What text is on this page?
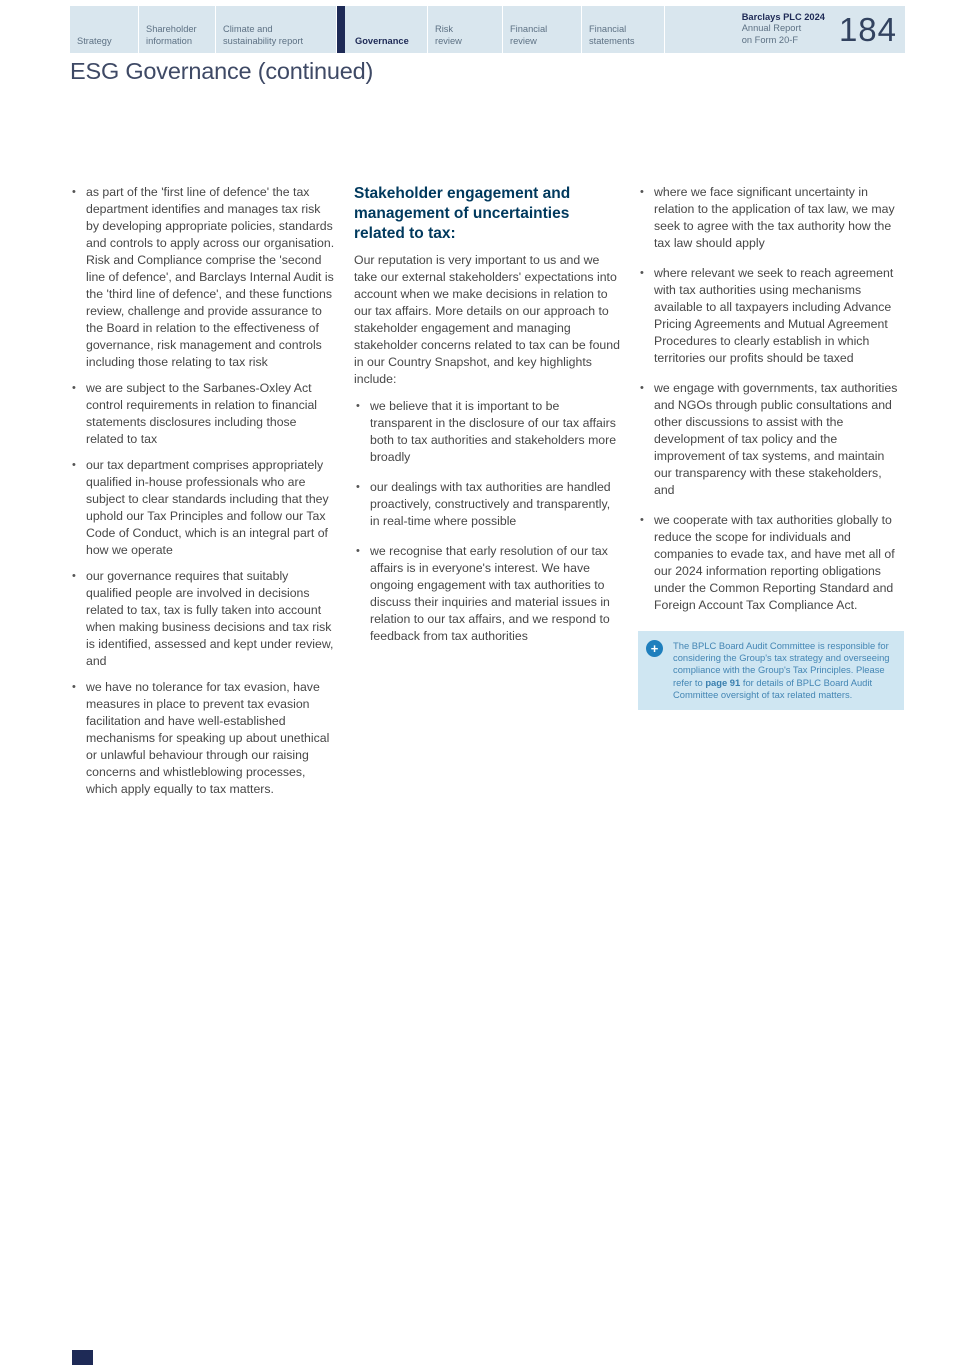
Strategy
Shareholder information
Climate and sustainability report	Governance
Risk review
Financial review
Financial statements
Barclays PLC 2024
Annual Report
on Form 20-F	184
ESG Governance (continued)
• as part of the 'first line of defence' the tax department identifies and manages tax risk by developing appropriate policies, standards and controls to apply across our organisation. Risk and Compliance comprise the 'second line of defence', and Barclays Internal Audit is the 'third line of defence', and these functions review, challenge and provide assurance to the Board in relation to the effectiveness of governance, risk management and controls including those relating to tax risk
• we are subject to the Sarbanes-Oxley Act control requirements in relation to financial statements disclosures including those related to tax
• our tax department comprises appropriately qualified in-house professionals who are subject to clear standards including that they uphold our Tax Principles and follow our Tax Code of Conduct, which is an integral part of how we operate
• our governance requires that suitably qualified people are involved in decisions related to tax, tax is fully taken into account when making business decisions and tax risk is identified, assessed and kept under review, and
• we have no tolerance for tax evasion, have measures in place to prevent tax evasion facilitation and have well-established mechanisms for speaking up about unethical or unlawful behaviour through our raising concerns and whistleblowing processes, which apply equally to tax matters.
Stakeholder engagement and management of uncertainties related to tax:

Our reputation is very important to us and we take our external stakeholders' expectations into account when we make decisions in relation to our tax affairs. More details on our approach to stakeholder engagement and managing stakeholder concerns related to tax can be found in our Country Snapshot, and key highlights include:

• we believe that it is important to be transparent in the disclosure of our tax affairs both to tax authorities and stakeholders more broadly
• our dealings with tax authorities are handled proactively, constructively and transparently, in real-time where possible
• we recognise that early resolution of our tax affairs is in everyone's interest. We have ongoing engagement with tax authorities to discuss their inquiries and material issues in relation to our tax affairs, and we respond to feedback from tax authorities
• where we face significant uncertainty in relation to the application of tax law, we may seek to agree with the tax authority how the tax law should apply
• where relevant we seek to reach agreement with tax authorities using mechanisms available to all taxpayers including Advance Pricing Agreements and Mutual Agreement Procedures to clearly establish in which territories our profits should be taxed
• we engage with governments, tax authorities and NGOs through public consultations and other discussions to assist with the development of tax policy and the improvement of tax systems, and maintain our transparency with these stakeholders, and
• we cooperate with tax authorities globally to reduce the scope for individuals and companies to evade tax, and have met all of our 2024 information reporting obligations under the Common Reporting Standard and Foreign Account Tax Compliance Act.
+	The BPLC Board Audit Committee is responsible for considering the Group's tax strategy and overseeing compliance with the Group's Tax Principles. Please refer to page 91 for details of BPLC Board Audit Committee oversight of tax related matters.
